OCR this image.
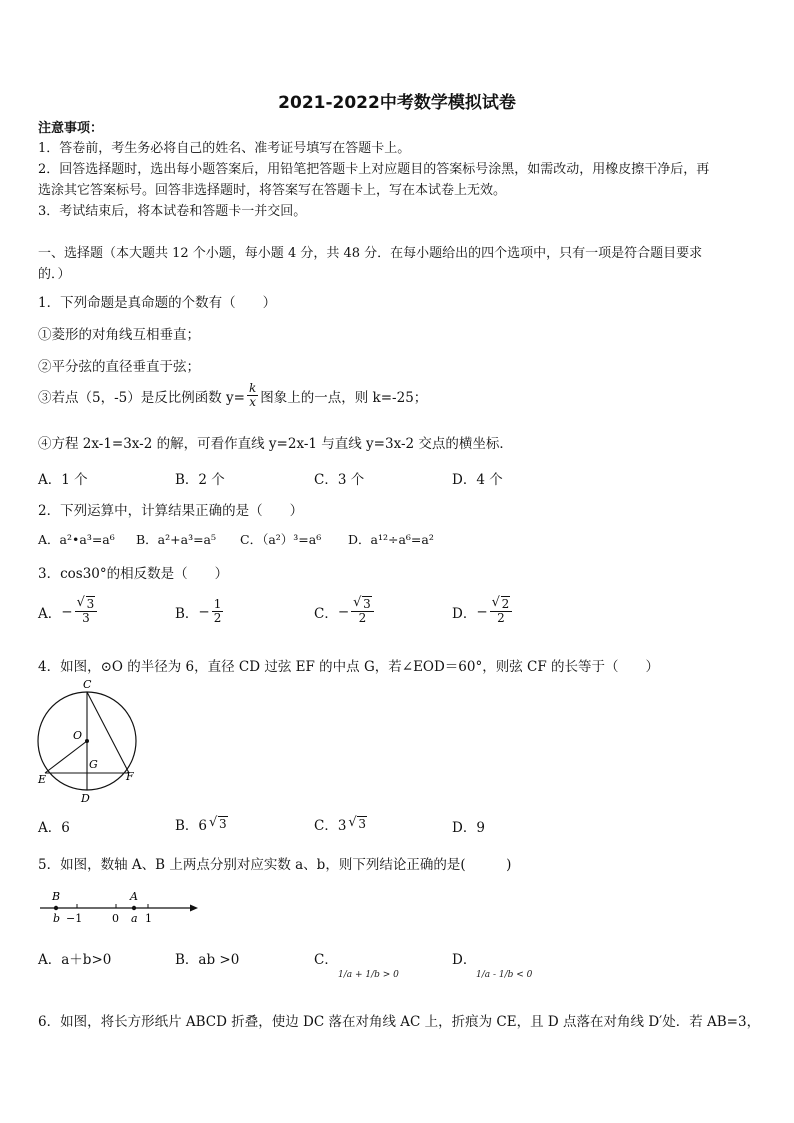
2021-2022中考数学模拟试卷
注意事项：
1．答卷前，考生务必将自己的姓名、准考证号填写在答题卡上。
2．回答选择题时，选出每小题答案后，用铅笔把答题卡上对应题目的答案标号涂黑，如需改动，用橡皮擦干净后，再
选涂其它答案标号。回答非选择题时，将答案写在答题卡上，写在本试卷上无效。
3．考试结束后，将本试卷和答题卡一并交回。
一、选择题（本大题共 12 个小题，每小题 4 分，共 48 分．在每小题给出的四个选项中，只有一项是符合题目要求
的．）
1．下列命题是真命题的个数有（　　）
①菱形的对角线互相垂直；
②平分弦的直径垂直于弦；
③若点（5，-5）是反比例函数 $y= \frac{k}{x}$ 图象上的一点，则 k=-25；
④方程 2x-1=3x-2 的解，可看作直线 y=2x-1 与直线 y=3x-2 交点的横坐标．
A．1 个	B．2 个	C．3 个	D．4 个
2．下列运算中，计算结果正确的是（　　）
A．a²•a³=a⁶ B．a²+a³=a⁵ C．（a²）³=a⁶ D．a¹²÷a⁶=a²
3．cos30°的相反数是（　　）
A． − √ $\frac{3}{3}$	B． − $\frac{1}{2}$	C． − √ $\frac{3}{2}$	D． − √ $\frac{2}{2}$
4．如图，⊙O 的半径为 6，直径 CD 过弦 EF 的中点 G，若∠EOD＝60°，则弦 CF 的长等于（　　）
C
O
G
E	F
D
A．6	B．6	√ 3	C．3	√ 3	D．9
5．如图，数轴 A、B 上两点分别对应实数 a、b，则下列结论正确的是(　　　)
B	A
b −1	0 a 1
A．a＋b>0	B．ab >0	C．
1/a + 1/b > 0
D．
1/a - 1/b < 0
6．如图，将长方形纸片 ABCD 折叠，使边 DC 落在对角线 AC 上，折痕为 CE，且 D 点落在对角线 D′处．若 AB=3，
